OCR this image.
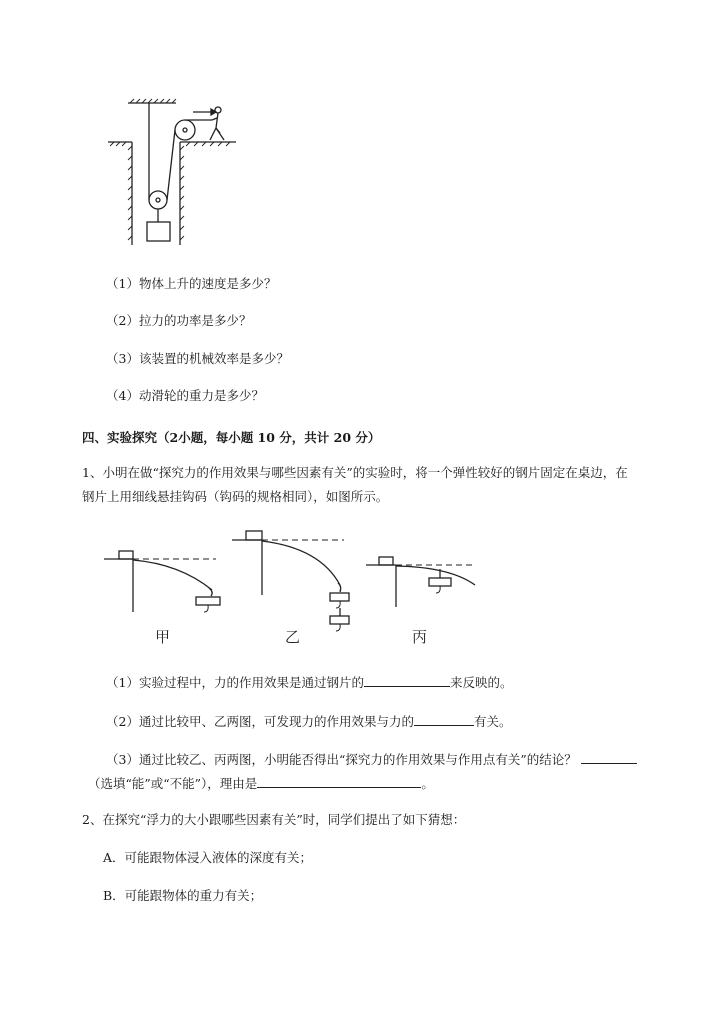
（1）物体上升的速度是多少？
（2）拉力的功率是多少？
（3）该装置的机械效率是多少？
（4）动滑轮的重力是多少？
四、实验探究（2小题，每小题 10 分，共计 20 分）
1、小明在做“探究力的作用效果与哪些因素有关”的实验时，将一个弹性较好的钢片固定在桌边，在
钢片上用细线悬挂钩码（钩码的规格相同），如图所示。
甲	乙	丙
（1）实验过程中，力的作用效果是通过钢片的	来反映的。
（2）通过比较甲、乙两图，可发现力的作用效果与力的	有关。
（3）通过比较乙、丙两图，小明能否得出“探究力的作用效果与作用点有关”的结论？
（选填“能”或“不能”），理由是	。
2、在探究“浮力的大小跟哪些因素有关”时，同学们提出了如下猜想：
A．可能跟物体浸入液体的深度有关；
B．可能跟物体的重力有关；
